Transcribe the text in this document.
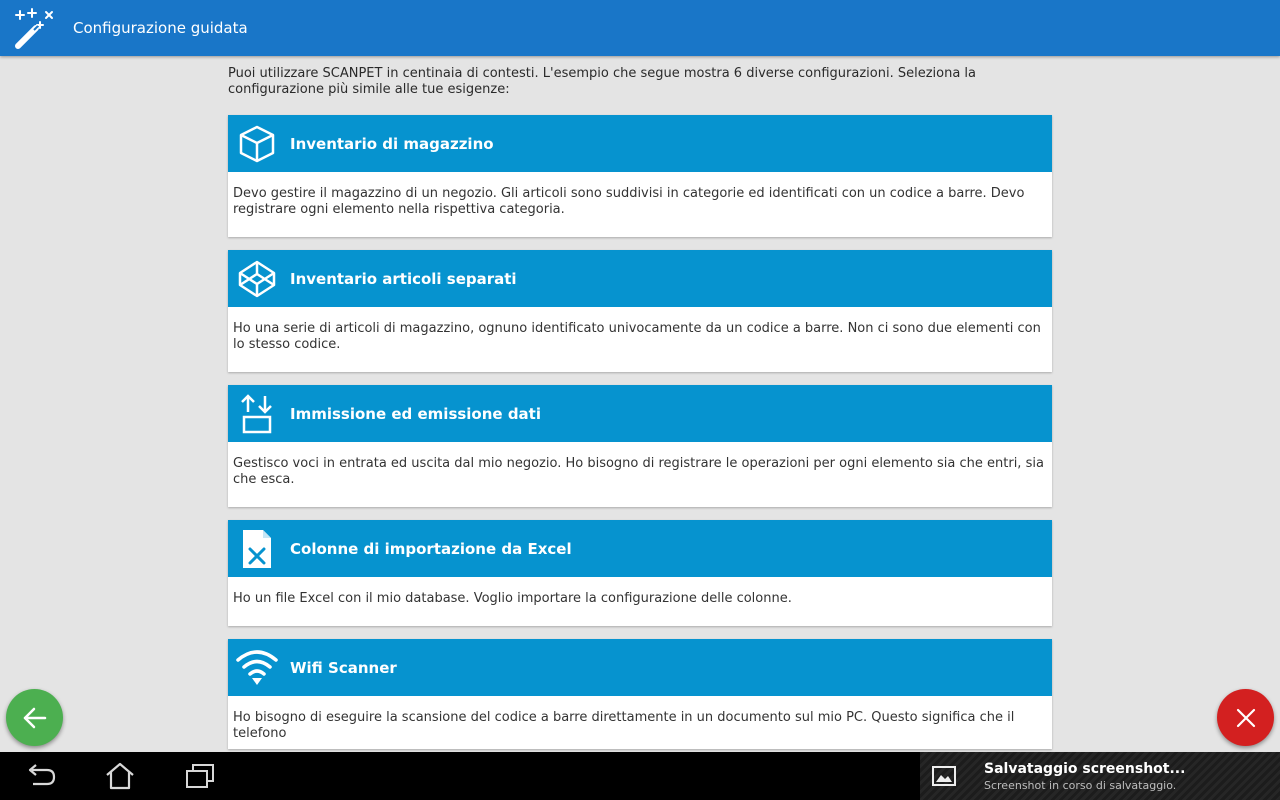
Configurazione guidata
Puoi utilizzare SCANPET in centinaia di contesti. L'esempio che segue mostra 6 diverse configurazioni. Seleziona la configurazione più simile alle tue esigenze:
Inventario di magazzino
Devo gestire il magazzino di un negozio. Gli articoli sono suddivisi in categorie ed identificati con un codice a barre. Devo registrare ogni elemento nella rispettiva categoria.
Inventario articoli separati
Ho una serie di articoli di magazzino, ognuno identificato univocamente da un codice a barre. Non ci sono due elementi con lo stesso codice.
Immissione ed emissione dati
Gestisco voci in entrata ed uscita dal mio negozio. Ho bisogno di registrare le operazioni per ogni elemento sia che entri, sia che esca.
Colonne di importazione da Excel
Ho un file Excel con il mio database. Voglio importare la configurazione delle colonne.
Wifi Scanner
Ho bisogno di eseguire la scansione del codice a barre direttamente in un documento sul mio PC. Questo significa che il telefono
Salvataggio screenshot...
Screenshot in corso di salvataggio.
